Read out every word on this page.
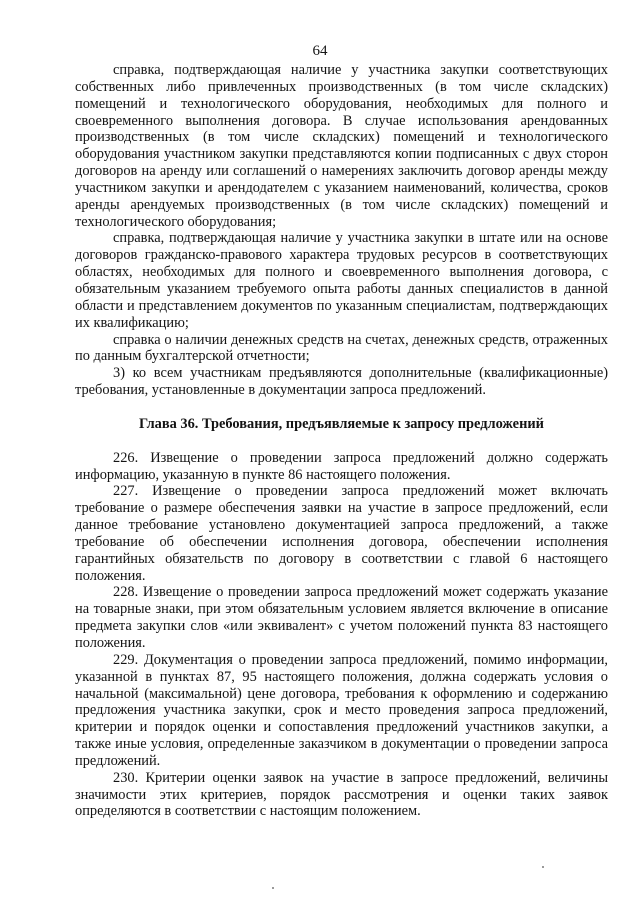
64

справка, подтверждающая наличие у участника закупки соответствующих собственных либо привлеченных производственных (в том числе складских) помещений и технологического оборудования, необходимых для полного и своевременного выполнения договора. В случае использования арендованных производственных (в том числе складских) помещений и технологического оборудования участником закупки представляются копии подписанных с двух сторон договоров на аренду или соглашений о намерениях заключить договор аренды между участником закупки и арендодателем с указанием наименований, количества, сроков аренды арендуемых производственных (в том числе складских) помещений и технологического оборудования;

справка, подтверждающая наличие у участника закупки в штате или на основе договоров гражданско-правового характера трудовых ресурсов в соответствующих областях, необходимых для полного и своевременного выполнения договора, с обязательным указанием требуемого опыта работы данных специалистов в данной области и представлением документов по указанным специалистам, подтверждающих их квалификацию;

справка о наличии денежных средств на счетах, денежных средств, отраженных по данным бухгалтерской отчетности;

3) ко всем участникам предъявляются дополнительные (квалификационные) требования, установленные в документации запроса предложений.

Глава 36. Требования, предъявляемые к запросу предложений

226. Извещение о проведении запроса предложений должно содержать информацию, указанную в пункте 86 настоящего положения.

227. Извещение о проведении запроса предложений может включать требование о размере обеспечения заявки на участие в запросе предложений, если данное требование установлено документацией запроса предложений, а также требование об обеспечении исполнения договора, обеспечении исполнения гарантийных обязательств по договору в соответствии с главой 6 настоящего положения.

228. Извещение о проведении запроса предложений может содержать указание на товарные знаки, при этом обязательным условием является включение в описание предмета закупки слов «или эквивалент» с учетом положений пункта 83 настоящего положения.

229. Документация о проведении запроса предложений, помимо информации, указанной в пунктах 87, 95 настоящего положения, должна содержать условия о начальной (максимальной) цене договора, требования к оформлению и содержанию предложения участника закупки, срок и место проведения запроса предложений, критерии и порядок оценки и сопоставления предложений участников закупки, а также иные условия, определенные заказчиком в документации о проведении запроса предложений.

230. Критерии оценки заявок на участие в запросе предложений, величины значимости этих критериев, порядок рассмотрения и оценки таких заявок определяются в соответствии с настоящим положением.
